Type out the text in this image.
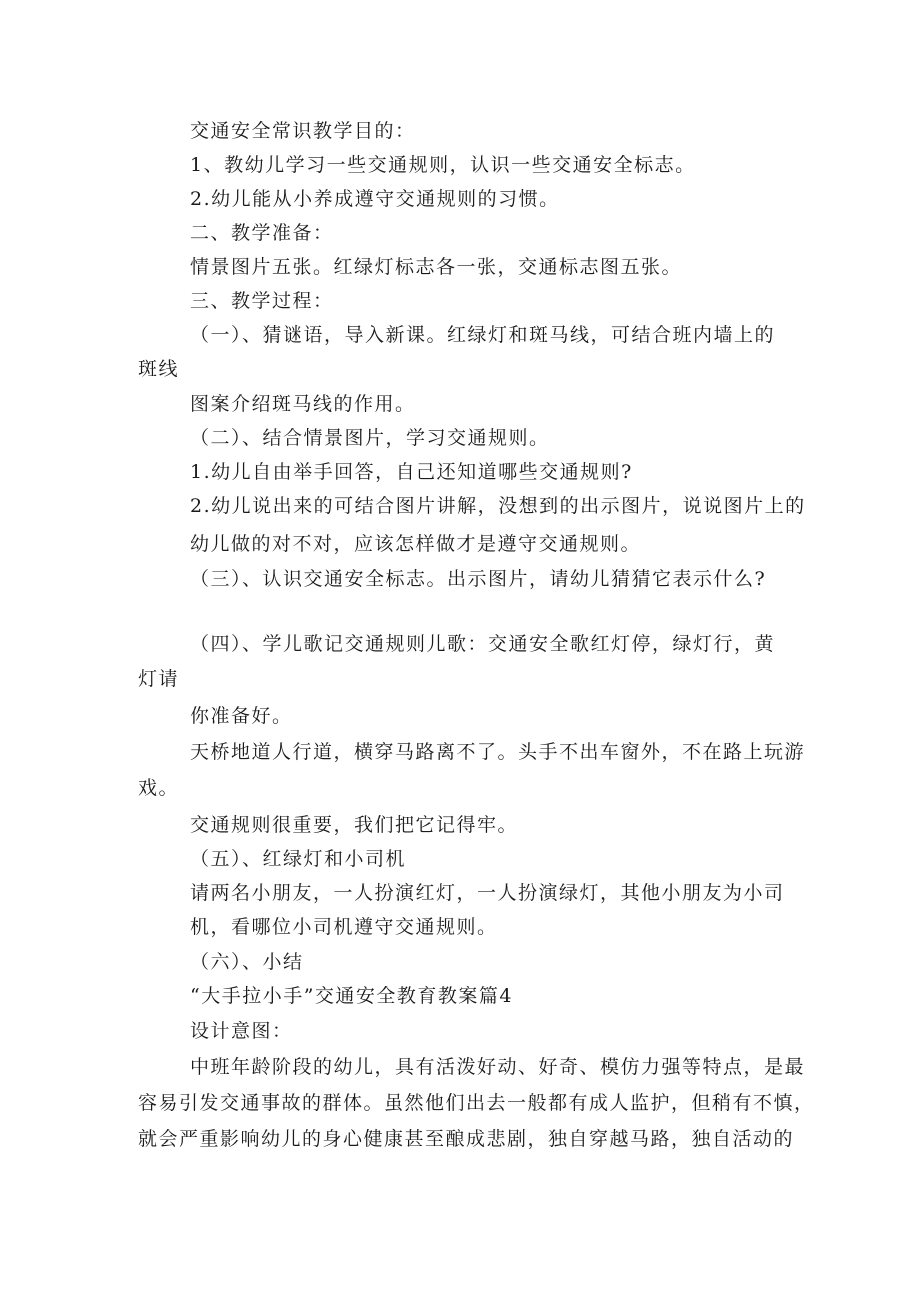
交通安全常识教学目的：
1、教幼儿学习一些交通规则，认识一些交通安全标志。
2.幼儿能从小养成遵守交通规则的习惯。
二、教学准备：
情景图片五张。红绿灯标志各一张，交通标志图五张。
三、教学过程：
（一）、猜谜语，导入新课。红绿灯和斑马线，可结合班内墙上的
斑线
图案介绍斑马线的作用。
（二）、结合情景图片，学习交通规则。
1.幼儿自由举手回答，自己还知道哪些交通规则?
2.幼儿说出来的可结合图片讲解，没想到的出示图片，说说图片上的
幼儿做的对不对，应该怎样做才是遵守交通规则。
（三）、认识交通安全标志。出示图片，请幼儿猜猜它表示什么?
（四）、学儿歌记交通规则儿歌：交通安全歌红灯停，绿灯行，黄
灯请
你准备好。
天桥地道人行道，横穿马路离不了。头手不出车窗外，不在路上玩游
戏。
交通规则很重要，我们把它记得牢。
（五）、红绿灯和小司机
请两名小朋友，一人扮演红灯，一人扮演绿灯，其他小朋友为小司
机，看哪位小司机遵守交通规则。
（六）、小结
“大手拉小手”交通安全教育教案篇4
设计意图：
中班年龄阶段的幼儿，具有活泼好动、好奇、模仿力强等特点，是最
容易引发交通事故的群体。虽然他们出去一般都有成人监护，但稍有不慎，
就会严重影响幼儿的身心健康甚至酿成悲剧，独自穿越马路，独自活动的
